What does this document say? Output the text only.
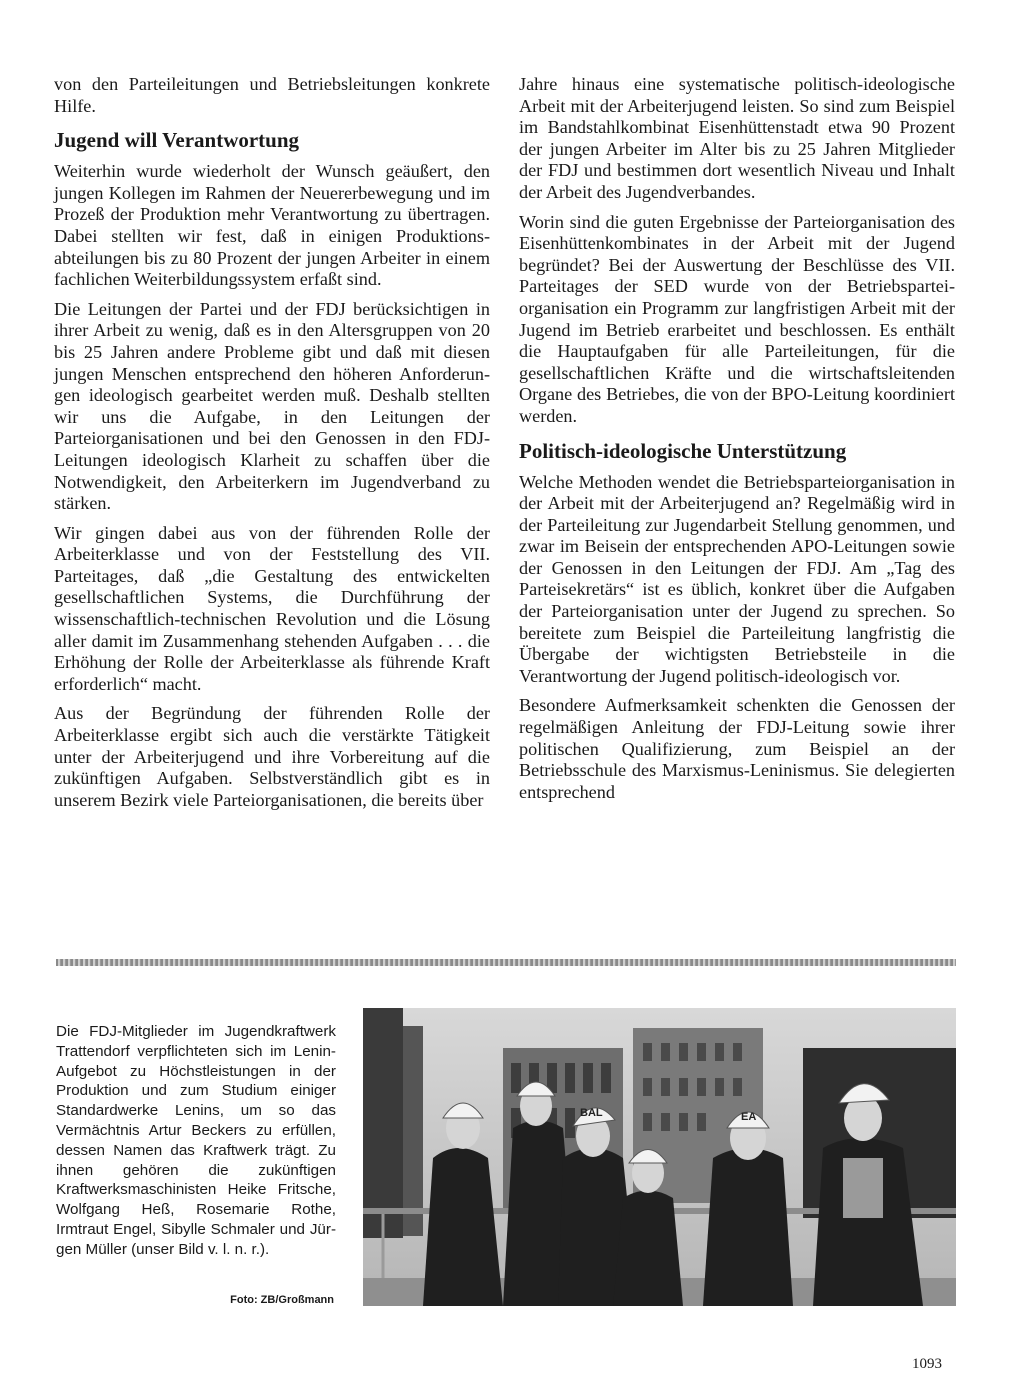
von den Parteileitungen und Betriebsleitungen konkrete Hilfe.

Jugend will Verantwortung

Weiterhin wurde wiederholt der Wunsch geäußert, den jungen Kollegen im Rahmen der Neuererbewegung und im Prozeß der Produktion mehr Verantwortung zu übertragen. Dabei stellten wir fest, daß in einigen Produktionsabteilungen bis zu 80 Prozent der jungen Arbeiter in einem fachlichen Weiterbildungssystem erfaßt sind.

Die Leitungen der Partei und der FDJ berücksichtigen in ihrer Arbeit zu wenig, daß es in den Altersgruppen von 20 bis 25 Jahren andere Probleme gibt und daß mit diesen jungen Menschen entsprechend den höheren Anforderungen ideologisch gearbeitet werden muß. Deshalb stellten wir uns die Aufgabe, in den Leitungen der Parteiorganisationen und bei den Genossen in den FDJ-Leitungen ideologisch Klarheit zu schaffen über die Notwendigkeit, den Arbeiterkern im Jugendverband zu stärken.

Wir gingen dabei aus von der führenden Rolle der Arbeiterklasse und von der Feststellung des VII. Parteitages, daß „die Gestaltung des entwickelten gesellschaftlichen Systems, die Durchführung der wissenschaftlich-technischen Revolution und die Lösung aller damit im Zusammenhang stehenden Aufgaben . . . die Erhöhung der Rolle der Arbeiterklasse als führende Kraft erforderlich“ macht.

Aus der Begründung der führenden Rolle der Arbeiterklasse ergibt sich auch die verstärkte Tätigkeit unter der Arbeiterjugend und ihre Vorbereitung auf die zukünftigen Aufgaben. Selbstverständlich gibt es in unserem Bezirk viele Parteiorganisationen, die bereits über

Jahre hinaus eine systematische politisch-ideologische Arbeit mit der Arbeiterjugend leisten. So sind zum Beispiel im Bandstahlkombinat Eisenhüttenstadt etwa 90 Prozent der jungen Arbeiter im Alter bis zu 25 Jahren Mitglieder der FDJ und bestimmen dort wesentlich Niveau und Inhalt der Arbeit des Jugendverbandes.

Worin sind die guten Ergebnisse der Parteiorganisation des Eisenhüttenkombinates in der Arbeit mit der Jugend begründet? Bei der Auswertung der Beschlüsse des VII. Parteitages der SED wurde von der Betriebsparteiorganisation ein Programm zur langfristigen Arbeit mit der Jugend im Betrieb erarbeitet und beschlossen. Es enthält die Hauptaufgaben für alle Parteileitungen, für die gesellschaftlichen Kräfte und die wirtschaftsleitenden Organe des Betriebes, die von der BPO-Leitung koordiniert werden.

Politisch-ideologische Unterstützung

Welche Methoden wendet die Betriebsparteiorganisation in der Arbeit mit der Arbeiterjugend an? Regelmäßig wird in der Parteileitung zur Jugendarbeit Stellung genommen, und zwar im Beisein der entsprechenden APO-Leitungen sowie der Genossen in den Leitungen der FDJ. Am „Tag des Parteisekretärs“ ist es üblich, konkret über die Aufgaben der Parteiorganisation unter der Jugend zu sprechen. So bereitete zum Beispiel die Parteileitung langfristig die Übergabe der wichtigsten Betriebsteile in die Verantwortung der Jugend politisch-ideologisch vor.

Besondere Aufmerksamkeit schenkten die Genossen der regelmäßigen Anleitung der FDJ-Leitung sowie ihrer politischen Qualifizierung, zum Beispiel an der Betriebsschule des Marxismus-Leninismus. Sie delegierten entsprechend

Die FDJ-Mitglieder im Jugendkraftwerk Trattendorf verpflichteten sich im Lenin-Aufgebot zu Höchstleistungen in der Produktion und zum Studium einiger Standardwerke Lenins, um so das Vermächtnis Artur Beckers zu erfüllen, dessen Namen das Kraftwerk trägt. Zu ihnen gehören die zukünftigen Kraftwerksmaschinisten Heike Fritsche, Wolfgang Heß, Rosemarie Rothe, Irmtraut Engel, Sibylle Schmaler und Jürgen Müller (unser Bild v. l. n. r.).
Foto: ZB/Großmann
BAL	EA
1093
